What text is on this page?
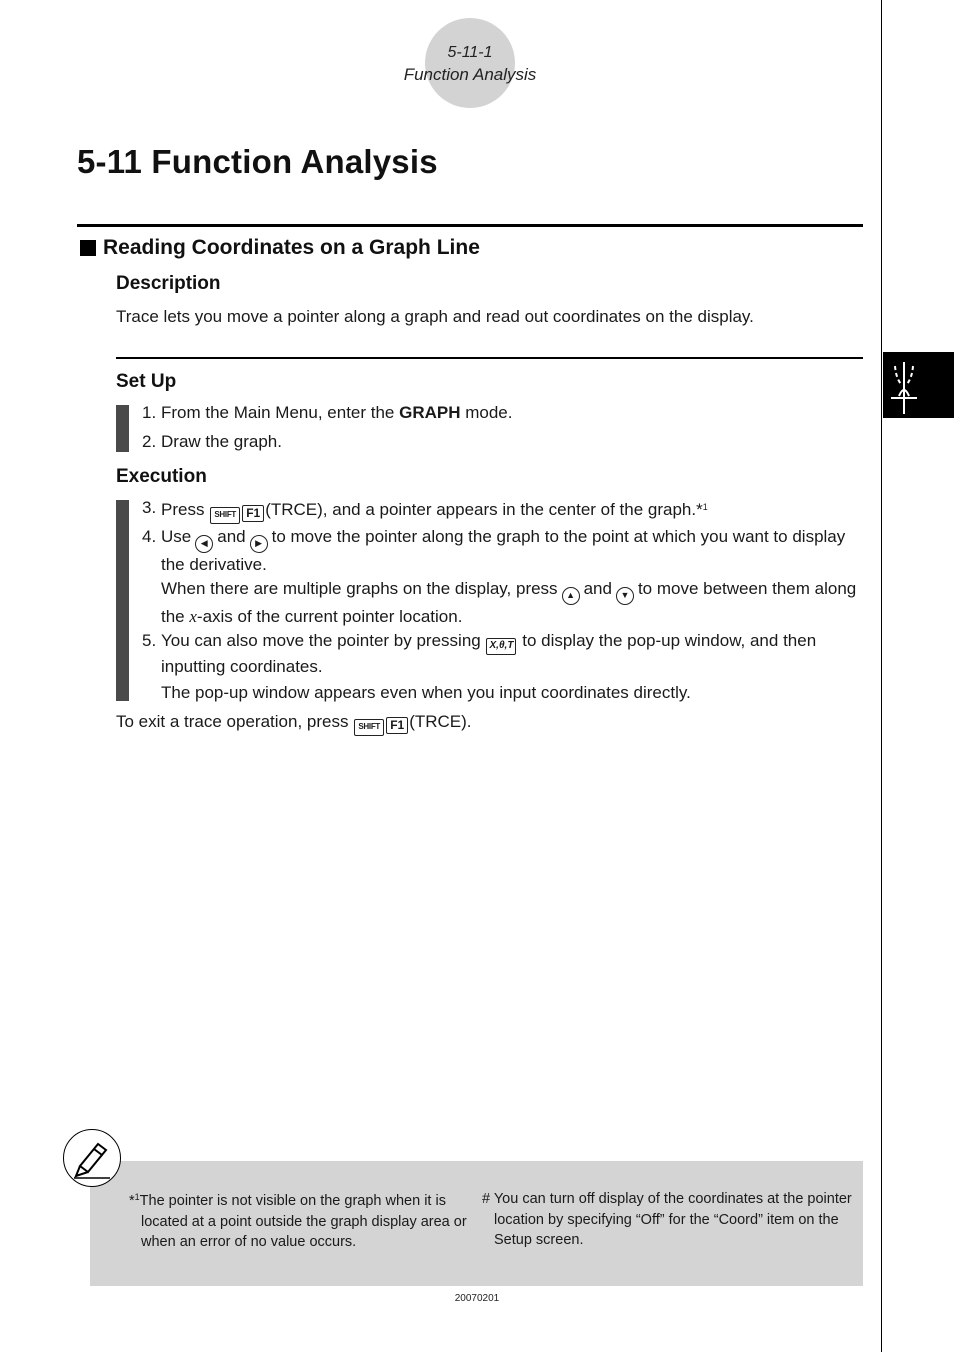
5-11-1
Function Analysis
5-11 Function Analysis
Reading Coordinates on a Graph Line
Description
Trace lets you move a pointer along a graph and read out coordinates on the display.
Set Up
1. From the Main Menu, enter the GRAPH mode.
2. Draw the graph.
Execution
3. Press SHIFT F1 (TRCE), and a pointer appears in the center of the graph.*$^1$
4. Use ◀ and ▶ to move the pointer along the graph to the point at which you want to display the derivative.
When there are multiple graphs on the display, press ▲ and ▼ to move between them along the x-axis of the current pointer location.
5. You can also move the pointer by pressing X,θ,T to display the pop-up window, and then inputting coordinates.
The pop-up window appears even when you input coordinates directly.
To exit a trace operation, press SHIFT F1 (TRCE).
*$^1$The pointer is not visible on the graph when it is located at a point outside the graph display area or when an error of no value occurs.
# You can turn off display of the coordinates at the pointer location by specifying “Off” for the “Coord” item on the Setup screen.
20070201
